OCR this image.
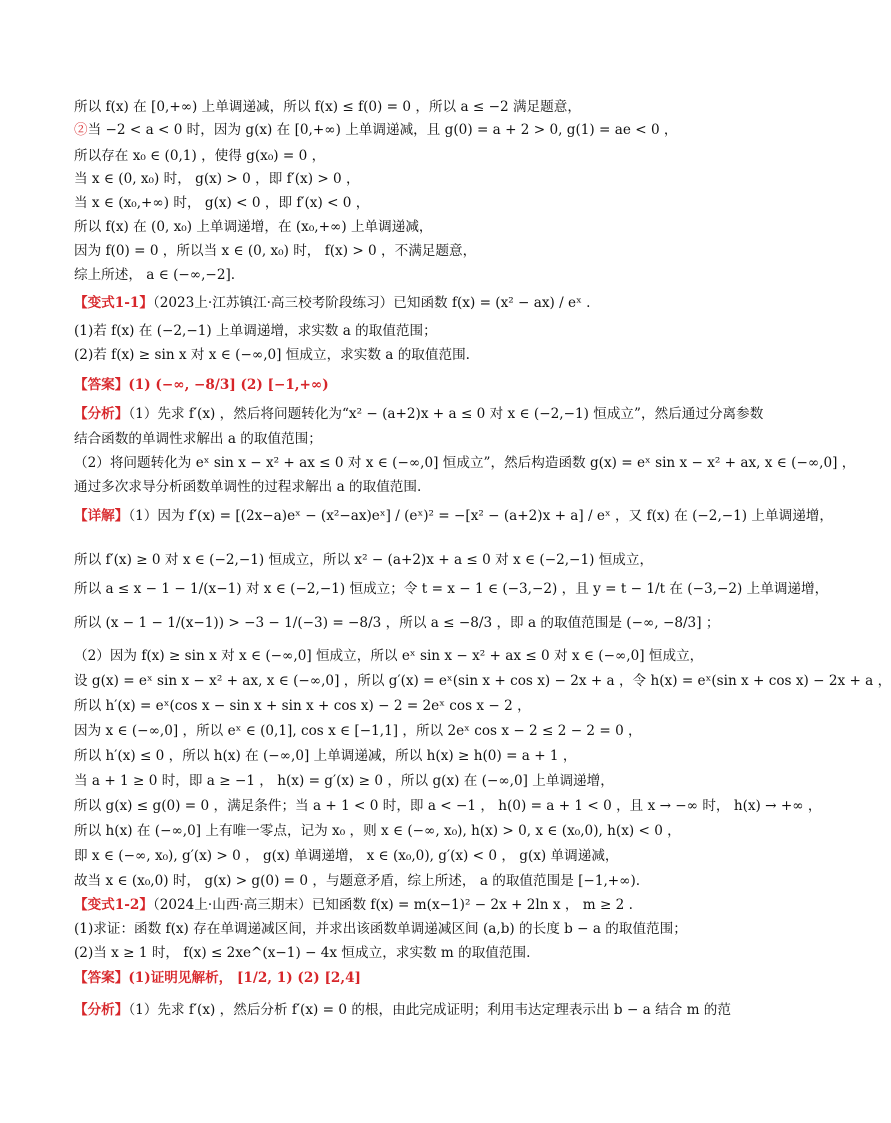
所以 f(x) 在 [0,+∞) 上单调递减，所以 f(x) ≤ f(0) = 0 ，所以 a ≤ −2 满足题意，
②当 −2 < a < 0 时，因为 g(x) 在 [0,+∞) 上单调递减，且 g(0) = a + 2 > 0, g(1) = ae < 0 ，
所以存在 x₀ ∈ (0,1) ，使得 g(x₀) = 0 ，
当 x ∈ (0, x₀) 时， g(x) > 0 ，即 f′(x) > 0 ，
当 x ∈ (x₀,+∞) 时， g(x) < 0 ，即 f′(x) < 0 ，
所以 f(x) 在 (0, x₀) 上单调递增，在 (x₀,+∞) 上单调递减，
因为 f(0) = 0 ，所以当 x ∈ (0, x₀) 时， f(x) > 0 ，不满足题意，
综上所述， a ∈ (−∞,−2].
【变式1-1】（2023上·江苏镇江·高三校考阶段练习）已知函数 f(x) = (x² − ax) / eˣ .
(1)若 f(x) 在 (−2,−1) 上单调递增，求实数 a 的取值范围；
(2)若 f(x) ≥ sin x 对 x ∈ (−∞,0] 恒成立，求实数 a 的取值范围.
【答案】(1) (−∞, −8/3] (2) [−1,+∞)
【分析】（1）先求 f′(x) ，然后将问题转化为“x² − (a+2)x + a ≤ 0 对 x ∈ (−2,−1) 恒成立”，然后通过分离参数
结合函数的单调性求解出 a 的取值范围；
（2）将问题转化为 eˣ sin x − x² + ax ≤ 0 对 x ∈ (−∞,0] 恒成立”，然后构造函数 g(x) = eˣ sin x − x² + ax, x ∈ (−∞,0] ，
通过多次求导分析函数单调性的过程求解出 a 的取值范围.
【详解】（1）因为 f′(x) = [(2x−a)eˣ − (x²−ax)eˣ] / (eˣ)² = −[x² − (a+2)x + a] / eˣ ，又 f(x) 在 (−2,−1) 上单调递增，
所以 f′(x) ≥ 0 对 x ∈ (−2,−1) 恒成立，所以 x² − (a+2)x + a ≤ 0 对 x ∈ (−2,−1) 恒成立，
所以 a ≤ x − 1 − 1/(x−1) 对 x ∈ (−2,−1) 恒成立；令 t = x − 1 ∈ (−3,−2) ，且 y = t − 1/t 在 (−3,−2) 上单调递增，
所以 (x − 1 − 1/(x−1)) > −3 − 1/(−3) = −8/3 ，所以 a ≤ −8/3 ，即 a 的取值范围是 (−∞, −8/3] ；
（2）因为 f(x) ≥ sin x 对 x ∈ (−∞,0] 恒成立，所以 eˣ sin x − x² + ax ≤ 0 对 x ∈ (−∞,0] 恒成立，
设 g(x) = eˣ sin x − x² + ax, x ∈ (−∞,0] ，所以 g′(x) = eˣ(sin x + cos x) − 2x + a ，令 h(x) = eˣ(sin x + cos x) − 2x + a ，
所以 h′(x) = eˣ(cos x − sin x + sin x + cos x) − 2 = 2eˣ cos x − 2 ，
因为 x ∈ (−∞,0] ，所以 eˣ ∈ (0,1], cos x ∈ [−1,1] ，所以 2eˣ cos x − 2 ≤ 2 − 2 = 0 ，
所以 h′(x) ≤ 0 ，所以 h(x) 在 (−∞,0] 上单调递减，所以 h(x) ≥ h(0) = a + 1 ，
当 a + 1 ≥ 0 时，即 a ≥ −1 ， h(x) = g′(x) ≥ 0 ，所以 g(x) 在 (−∞,0] 上单调递增，
所以 g(x) ≤ g(0) = 0 ，满足条件；当 a + 1 < 0 时，即 a < −1 ， h(0) = a + 1 < 0 ，且 x → −∞ 时， h(x) → +∞ ，
所以 h(x) 在 (−∞,0] 上有唯一零点，记为 x₀ ，则 x ∈ (−∞, x₀), h(x) > 0, x ∈ (x₀,0), h(x) < 0 ，
即 x ∈ (−∞, x₀), g′(x) > 0 ， g(x) 单调递增， x ∈ (x₀,0), g′(x) < 0 ， g(x) 单调递减，
故当 x ∈ (x₀,0) 时， g(x) > g(0) = 0 ，与题意矛盾，综上所述， a 的取值范围是 [−1,+∞).
【变式1-2】（2024上·山西·高三期末）已知函数 f(x) = m(x−1)² − 2x + 2ln x ， m ≥ 2 .
(1)求证：函数 f(x) 存在单调递减区间，并求出该函数单调递减区间 (a,b) 的长度 b − a 的取值范围；
(2)当 x ≥ 1 时， f(x) ≤ 2xe^(x−1) − 4x 恒成立，求实数 m 的取值范围.
【答案】(1)证明见解析， [1/2, 1) (2) [2,4]
【分析】（1）先求 f′(x) ，然后分析 f′(x) = 0 的根，由此完成证明；利用韦达定理表示出 b − a 结合 m 的范
